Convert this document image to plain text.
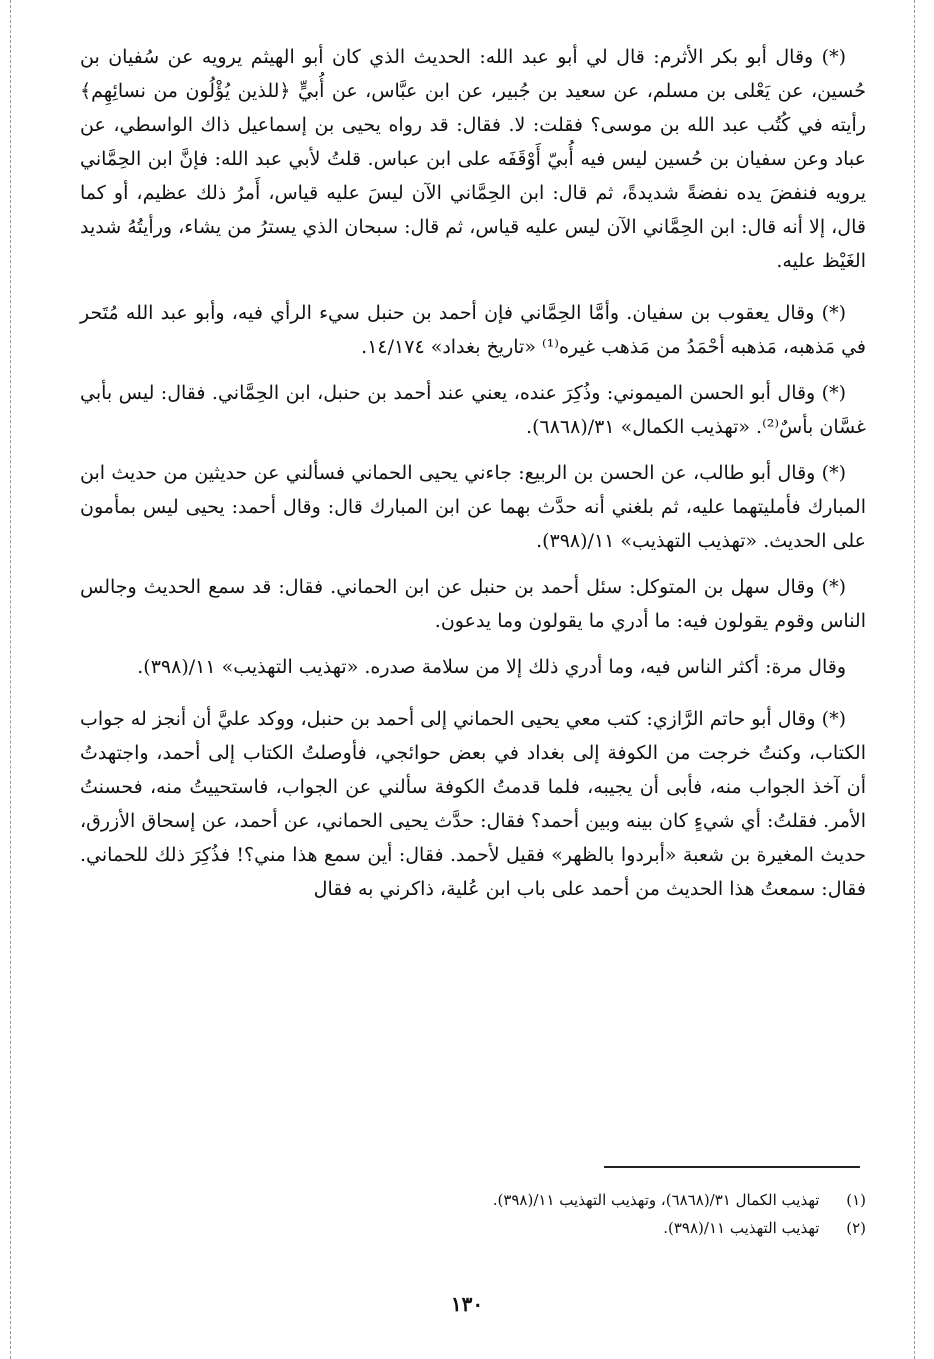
(*) وقال أبو بكر الأثرم: قال لي أبو عبد الله: الحديث الذي كان أبو الهيثم يرويه عن سُفيان بن حُسين، عن يَعْلى بن مسلم، عن سعيد بن جُبير، عن ابن عبَّاس، عن أُبيٍّ ﴿للذين يُؤْلُون من نسائِهِم﴾ رأيته في كُتُب عبد الله بن موسى؟ فقلت: لا. فقال: قد رواه يحيى بن إسماعيل ذاك الواسطي، عن عباد وعن سفيان بن حُسين ليس فيه أُبيّ أَوْقَفَه على ابن عباس. قلتُ لأبي عبد الله: فإنَّ ابن الحِمَّاني يرويه فنفضَ يده نفضةً شديدةً، ثم قال: ابن الحِمَّاني الآن ليسَ عليه قياس، أَمرُ ذلك عظيم، أو كما قال، إلا أنه قال: ابن الحِمَّاني الآن ليس عليه قياس، ثم قال: سبحان الذي يسترُ من يشاء، ورأيتُهُ شديد الغَيْظ عليه.

(*) وقال يعقوب بن سفيان. وأمَّا الحِمَّاني فإن أحمد بن حنبل سيء الرأي فيه، وأبو عبد الله مُتَحر في مَذهبه، مَذهبه أحْمَدُ من مَذهب غيره⁽¹⁾ «تاريخ بغداد» ١٤/١٧٤.

(*) وقال أبو الحسن الميموني: وذُكِرَ عنده، يعني عند أحمد بن حنبل، ابن الحِمَّاني. فقال: ليس بأبي غسَّان بأسٌ⁽²⁾. «تهذيب الكمال» ٣١/(٦٨٦٨).

(*) وقال أبو طالب، عن الحسن بن الربيع: جاءني يحيى الحماني فسألني عن حديثين من حديث ابن المبارك فأمليتهما عليه، ثم بلغني أنه حدَّث بهما عن ابن المبارك قال: وقال أحمد: يحيى ليس بمأمون على الحديث. «تهذيب التهذيب» ١١/(٣٩٨).

(*) وقال سهل بن المتوكل: سئل أحمد بن حنبل عن ابن الحماني. فقال: قد سمع الحديث وجالس الناس وقوم يقولون فيه: ما أدري ما يقولون وما يدعون.

وقال مرة: أكثر الناس فيه، وما أدري ذلك إلا من سلامة صدره. «تهذيب التهذيب» ١١/(٣٩٨).

(*) وقال أبو حاتم الرَّازي: كتب معي يحيى الحماني إلى أحمد بن حنبل، ووكد عليَّ أن أنجز له جواب الكتاب، وكنتُ خرجت من الكوفة إلى بغداد في بعض حوائجي، فأوصلتُ الكتاب إلى أحمد، واجتهدتُ أن آخذ الجواب منه، فأبى أن يجيبه، فلما قدمتُ الكوفة سألني عن الجواب، فاستحييتُ منه، فحسنتُ الأمر. فقلتُ: أي شيءٍ كان بينه وبين أحمد؟ فقال: حدَّث يحيى الحماني، عن أحمد، عن إسحاق الأزرق، حديث المغيرة بن شعبة «أبردوا بالظهر» فقيل لأحمد. فقال: أين سمع هذا مني؟! فذُكِرَ ذلك للحماني. فقال: سمعتُ هذا الحديث من أحمد على باب ابن عُلية، ذاكرني به فقال

(١) تهذيب الكمال ٣١/(٦٨٦٨)، وتهذيب التهذيب ١١/(٣٩٨).

(٢) تهذيب التهذيب ١١/(٣٩٨).

١٣٠
